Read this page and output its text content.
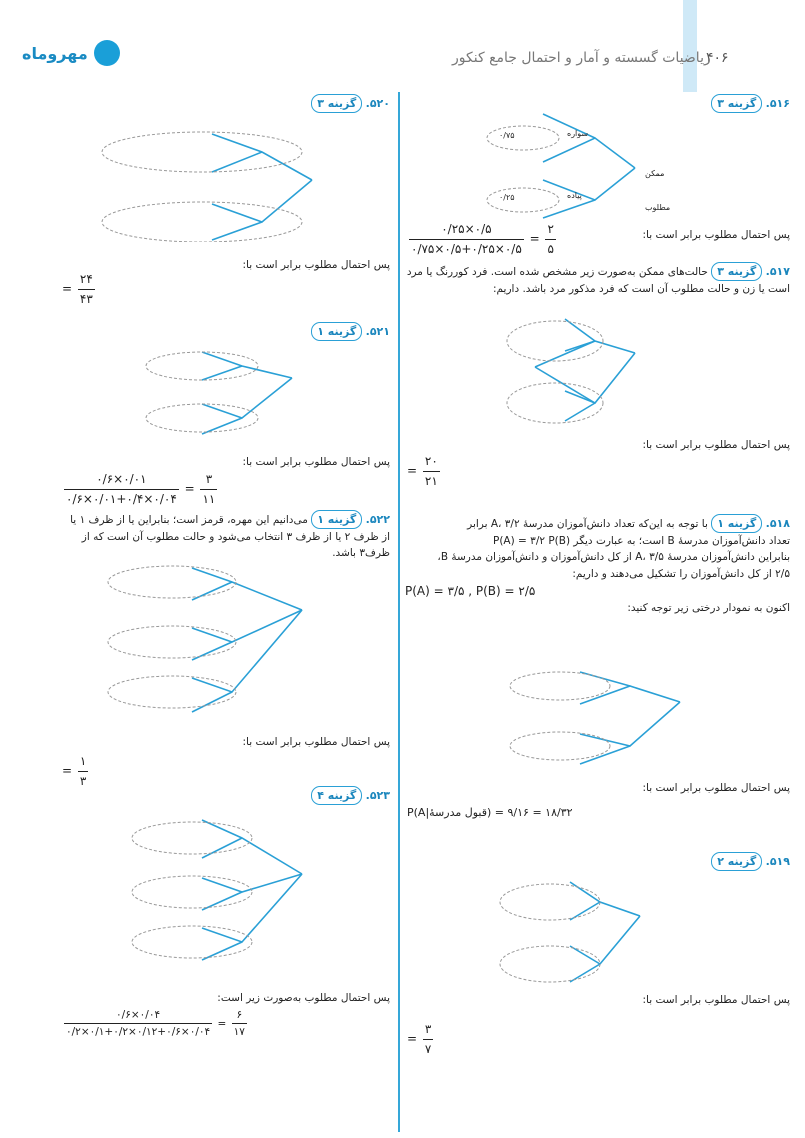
۴۰۶
ریاضیات گسسته و آمار و احتمال جامع کنکور
مهروماه
۵۱۶. گزینه ۳
ممکن
مطلوب
سواره
پیاده
۰/۷۵
۰/۲۵
پس احتمال مطلوب برابر است با:
$\frac{۰/۲۵\times ۰/۵}{۰/۷۵\times ۰/۵+۰/۲۵\times ۰/۵} = \frac{۲}{۵}$

۵۱۷. گزینه ۳ حالت‌های ممکن به‌صورت زیر مشخص شده است. فرد کوررنگ یا مرد است یا زن و حالت مطلوب آن است که فرد مذکور مرد باشد. داریم:

پس احتمال مطلوب برابر است با:
= $\frac{۲۰}{۲۱}$

۵۱۸. گزینه ۱ با توجه به این‌که تعداد دانش‌آموزان مدرسهٔ A، ۳/۲ برابر

تعداد دانش‌آموزان مدرسهٔ B است؛ به عبارت دیگر P(A) = ۳/۲ P(B)

بنابراین دانش‌آموزان مدرسهٔ A، ۳/۵ از کل دانش‌آموزان و دانش‌آموزان مدرسهٔ B،

۲/۵ از کل دانش‌آموزان را تشکیل می‌دهند و داریم:

P(A) = ۳/۵ , P(B) = ۲/۵

اکنون به نمودار درختی زیر توجه کنید:

پس احتمال مطلوب برابر است با:
P(A|قبول مدرسهٔ) = ۱۸/۳۲ = ۹/۱۶
۵۱۹. گزینه ۲
پس احتمال مطلوب برابر است با:
= $\frac{۳}{۷}$
۵۲۰. گزینه ۳
پس احتمال مطلوب برابر است با:
= $\frac{۲۴}{۴۳}$
۵۲۱. گزینه ۱
پس احتمال مطلوب برابر است با:
$\frac{۰/۶\times ۰/۰۱}{۰/۶\times ۰/۰۱+۰/۴\times ۰/۰۴} = \frac{۳}{۱۱}$

۵۲۲. گزینه ۱ می‌دانیم این مهره، قرمز است؛ بنابراین یا از ظرف ۱ یا از ظرف ۲ یا از ظرف ۳ انتخاب می‌شود و حالت مطلوب آن است که از ظرف۳ باشد.

پس احتمال مطلوب برابر است با:
= $\frac{۱}{۳}$
۵۲۳. گزینه ۴
پس احتمال مطلوب به‌صورت زیر است:
$\frac{۰/۶\times ۰/۰۴}{۰/۲\times ۰/۱+۰/۲\times ۰/۱۲+۰/۶\times ۰/۰۴} = \frac{۶}{۱۷}$
